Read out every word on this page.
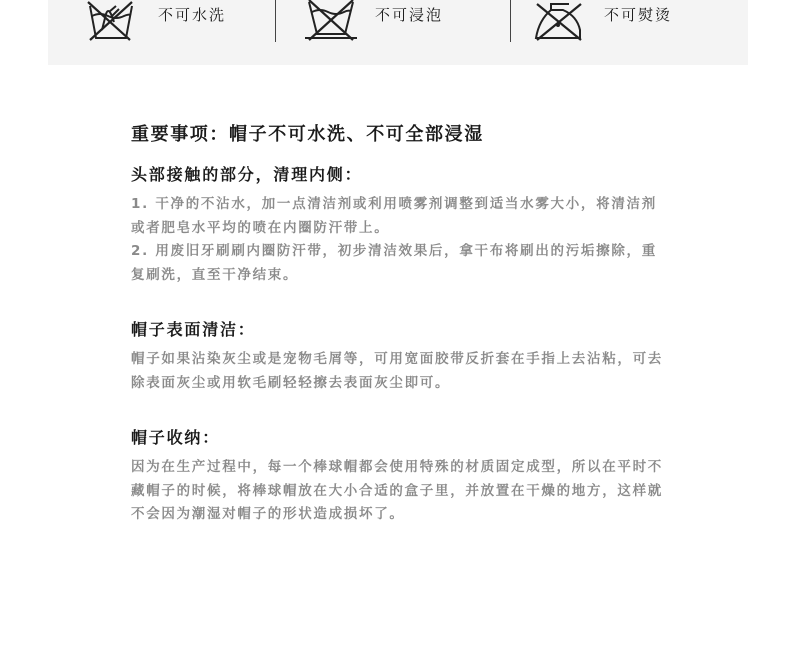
不可水洗	不可浸泡	不可熨烫
重要事项：帽子不可水洗、不可全部浸湿
头部接触的部分，清理内侧：

1. 干净的不沾水，加一点清洁剂或利用喷雾剂调整到适当水雾大小，将清洁剂或者肥皂水平均的喷在内圈防汗带上。

2. 用废旧牙刷刷内圈防汗带，初步清洁效果后，拿干布将刷出的污垢擦除，重复刷洗，直至干净结束。

帽子表面清洁：

帽子如果沾染灰尘或是宠物毛屑等，可用宽面胶带反折套在手指上去沾粘，可去除表面灰尘或用软毛刷轻轻擦去表面灰尘即可。

帽子收纳：

因为在生产过程中，每一个棒球帽都会使用特殊的材质固定成型，所以在平时不藏帽子的时候，将棒球帽放在大小合适的盒子里，并放置在干燥的地方，这样就不会因为潮湿对帽子的形状造成损坏了。
